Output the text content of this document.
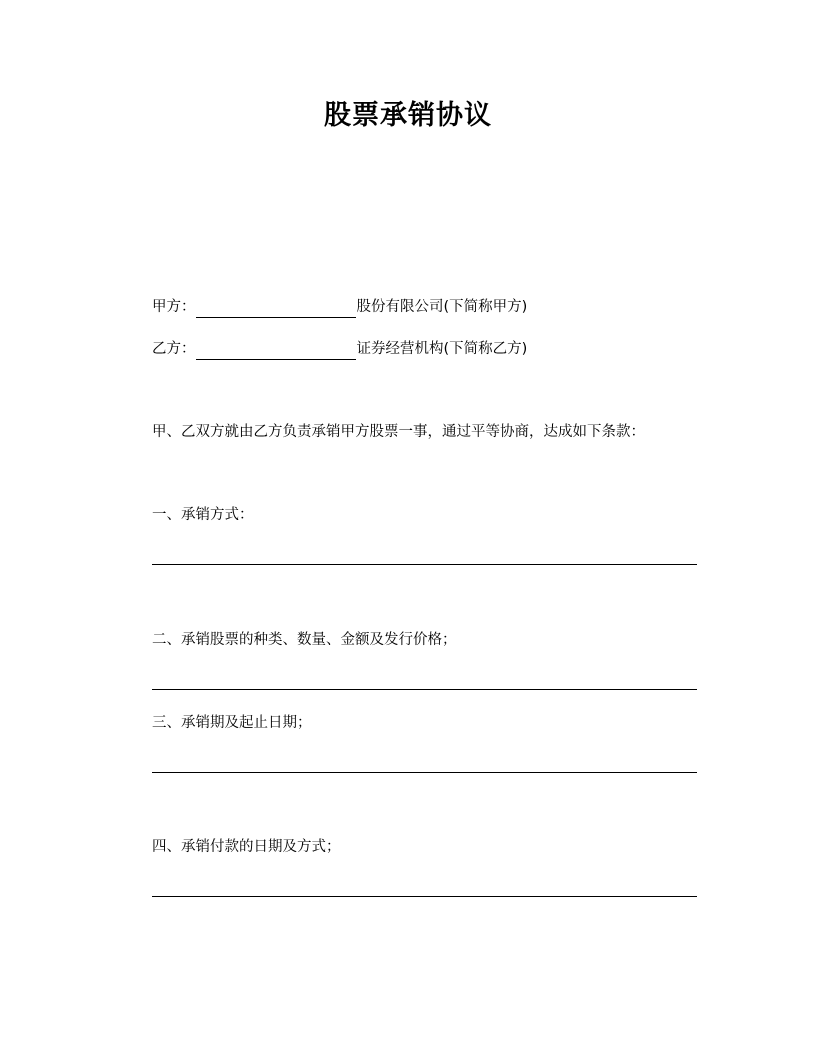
股票承销协议
甲方：	股份有限公司(下简称甲方)
乙方：	证券经营机构(下简称乙方)
甲、乙双方就由乙方负责承销甲方股票一事，通过平等协商，达成如下条款：
一、承销方式：
二、承销股票的种类、数量、金额及发行价格；
三、承销期及起止日期；
四、承销付款的日期及方式；
